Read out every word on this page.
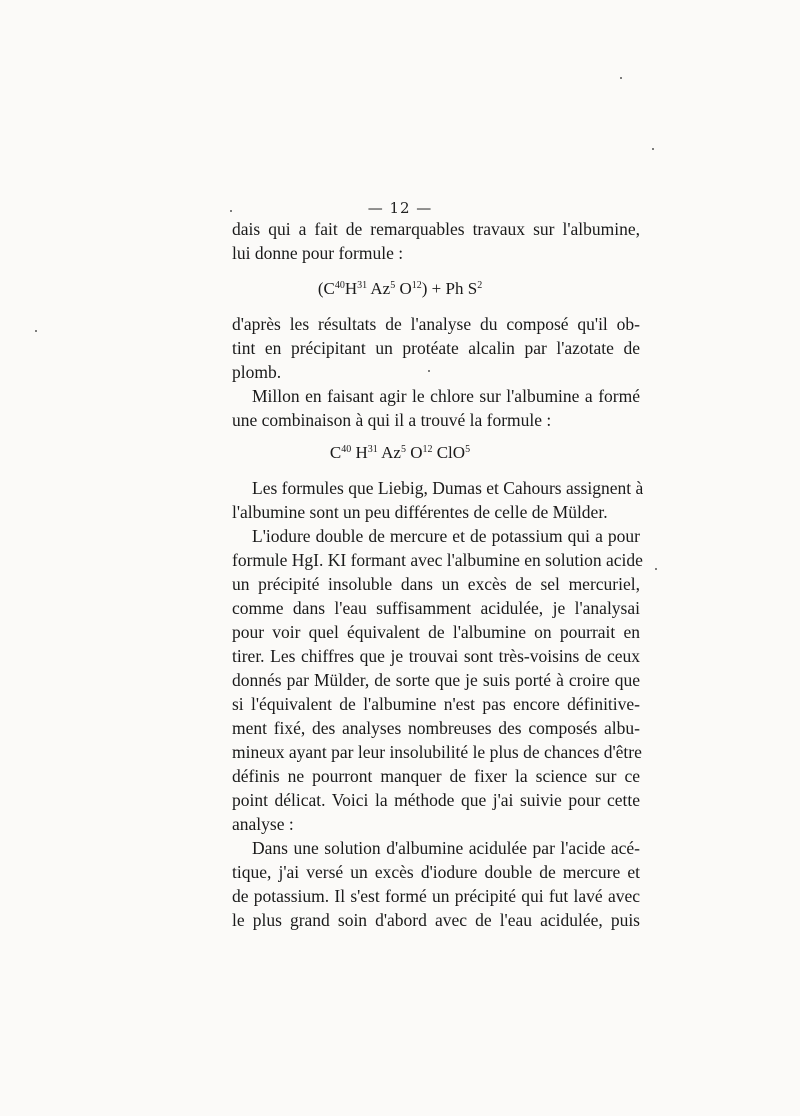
— 12 —
dais qui a fait de remarquables travaux sur l'albumine,
lui donne pour formule :
d'après les résultats de l'analyse du composé qu'il ob-
tint en précipitant un protéate alcalin par l'azotate de
plomb.
Millon en faisant agir le chlore sur l'albumine a formé
une combinaison à qui il a trouvé la formule :
Les formules que Liebig, Dumas et Cahours assignent à
l'albumine sont un peu différentes de celle de Mülder.
L'iodure double de mercure et de potassium qui a pour
formule HgI. KI formant avec l'albumine en solution acide
un précipité insoluble dans un excès de sel mercuriel,
comme dans l'eau suffisamment acidulée, je l'analysai
pour voir quel équivalent de l'albumine on pourrait en
tirer. Les chiffres que je trouvai sont très-voisins de ceux
donnés par Mülder, de sorte que je suis porté à croire que
si l'équivalent de l'albumine n'est pas encore définitive-
ment fixé, des analyses nombreuses des composés albu-
mineux ayant par leur insolubilité le plus de chances d'être
définis ne pourront manquer de fixer la science sur ce
point délicat. Voici la méthode que j'ai suivie pour cette
analyse :
Dans une solution d'albumine acidulée par l'acide acé-
tique, j'ai versé un excès d'iodure double de mercure et
de potassium. Il s'est formé un précipité qui fut lavé avec
le plus grand soin d'abord avec de l'eau acidulée, puis
($C^{40}H^{31}$ Az$^5$ $O^{12}) + Ph$ $S^2$
$C^{40}$ $H^{31}$ Az$^5$ $O^{12}$ ClO$^5$
